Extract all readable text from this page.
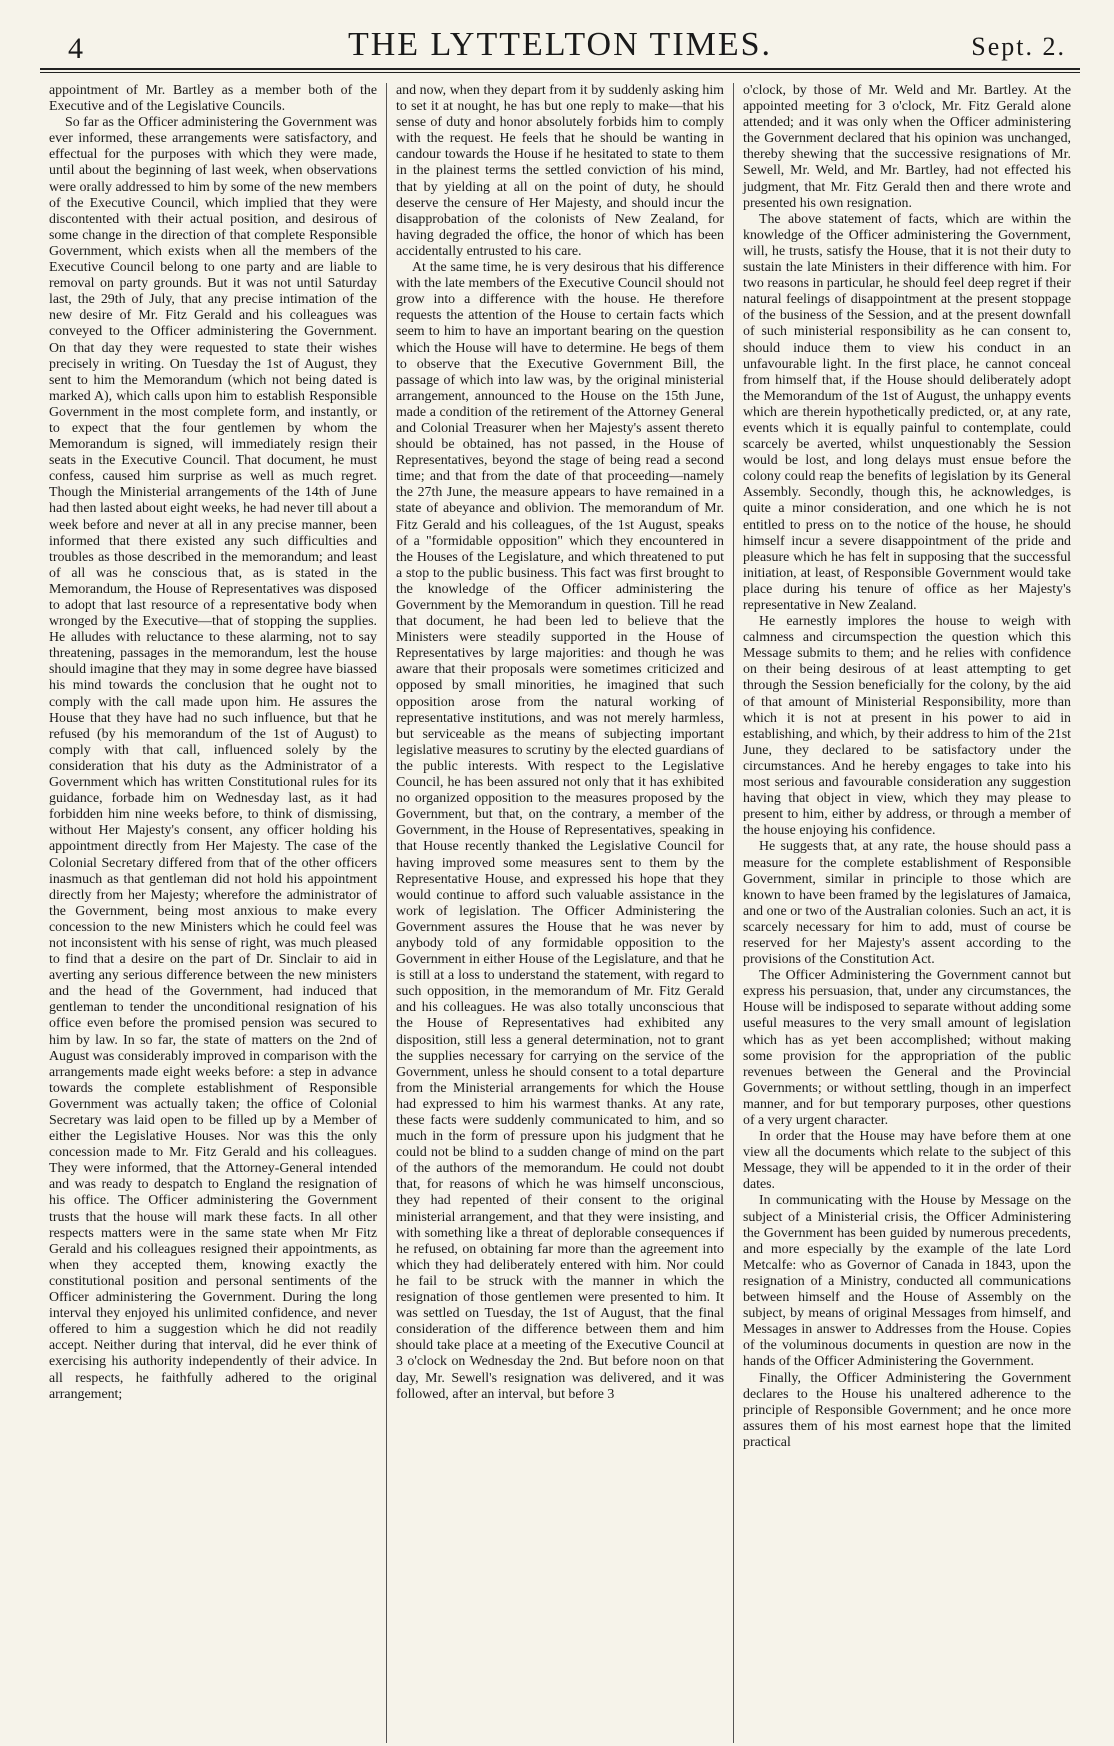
4	THE LYTTELTON TIMES.	Sept. 2.

appointment of Mr. Bartley as a member both of the Executive and of the Legislative Councils.

So far as the Officer administering the Government was ever informed, these arrangements were satisfactory, and effectual for the purposes with which they were made, until about the beginning of last week, when observations were orally addressed to him by some of the new members of the Executive Council, which implied that they were discontented with their actual position, and desirous of some change in the direction of that complete Responsible Government, which exists when all the members of the Executive Council belong to one party and are liable to removal on party grounds. But it was not until Saturday last, the 29th of July, that any precise intimation of the new desire of Mr. Fitz Gerald and his colleagues was conveyed to the Officer administering the Government. On that day they were requested to state their wishes precisely in writing. On Tuesday the 1st of August, they sent to him the Memorandum (which not being dated is marked A), which calls upon him to establish Responsible Government in the most complete form, and instantly, or to expect that the four gentlemen by whom the Memorandum is signed, will immediately resign their seats in the Executive Council. That document, he must confess, caused him surprise as well as much regret. Though the Ministerial arrangements of the 14th of June had then lasted about eight weeks, he had never till about a week before and never at all in any precise manner, been informed that there existed any such difficulties and troubles as those described in the memorandum; and least of all was he conscious that, as is stated in the Memorandum, the House of Representatives was disposed to adopt that last resource of a representative body when wronged by the Executive—that of stopping the supplies. He alludes with reluctance to these alarming, not to say threatening, passages in the memorandum, lest the house should imagine that they may in some degree have biassed his mind towards the conclusion that he ought not to comply with the call made upon him. He assures the House that they have had no such influence, but that he refused (by his memorandum of the 1st of August) to comply with that call, influenced solely by the consideration that his duty as the Administrator of a Government which has written Constitutional rules for its guidance, forbade him on Wednesday last, as it had forbidden him nine weeks before, to think of dismissing, without Her Majesty's consent, any officer holding his appointment directly from Her Majesty. The case of the Colonial Secretary differed from that of the other officers inasmuch as that gentleman did not hold his appointment directly from her Majesty; wherefore the administrator of the Government, being most anxious to make every concession to the new Ministers which he could feel was not inconsistent with his sense of right, was much pleased to find that a desire on the part of Dr. Sinclair to aid in averting any serious difference between the new ministers and the head of the Government, had induced that gentleman to tender the unconditional resignation of his office even before the promised pension was secured to him by law. In so far, the state of matters on the 2nd of August was considerably improved in comparison with the arrangements made eight weeks before: a step in advance towards the complete establishment of Responsible Government was actually taken; the office of Colonial Secretary was laid open to be filled up by a Member of either the Legislative Houses. Nor was this the only concession made to Mr. Fitz Gerald and his colleagues. They were informed, that the Attorney-General intended and was ready to despatch to England the resignation of his office. The Officer administering the Government trusts that the house will mark these facts. In all other respects matters were in the same state when Mr Fitz Gerald and his colleagues resigned their appointments, as when they accepted them, knowing exactly the constitutional position and personal sentiments of the Officer administering the Government. During the long interval they enjoyed his unlimited confidence, and never offered to him a suggestion which he did not readily accept. Neither during that interval, did he ever think of exercising his authority independently of their advice. In all respects, he faithfully adhered to the original arrangement;

and now, when they depart from it by suddenly asking him to set it at nought, he has but one reply to make—that his sense of duty and honor absolutely forbids him to comply with the request. He feels that he should be wanting in candour towards the House if he hesitated to state to them in the plainest terms the settled conviction of his mind, that by yielding at all on the point of duty, he should deserve the censure of Her Majesty, and should incur the disapprobation of the colonists of New Zealand, for having degraded the office, the honor of which has been accidentally entrusted to his care.

At the same time, he is very desirous that his difference with the late members of the Executive Council should not grow into a difference with the house. He therefore requests the attention of the House to certain facts which seem to him to have an important bearing on the question which the House will have to determine. He begs of them to observe that the Executive Government Bill, the passage of which into law was, by the original ministerial arrangement, announced to the House on the 15th June, made a condition of the retirement of the Attorney General and Colonial Treasurer when her Majesty's assent thereto should be obtained, has not passed, in the House of Representatives, beyond the stage of being read a second time; and that from the date of that proceeding—namely the 27th June, the measure appears to have remained in a state of abeyance and oblivion. The memorandum of Mr. Fitz Gerald and his colleagues, of the 1st August, speaks of a "formidable opposition" which they encountered in the Houses of the Legislature, and which threatened to put a stop to the public business. This fact was first brought to the knowledge of the Officer administering the Government by the Memorandum in question. Till he read that document, he had been led to believe that the Ministers were steadily supported in the House of Representatives by large majorities: and though he was aware that their proposals were sometimes criticized and opposed by small minorities, he imagined that such opposition arose from the natural working of representative institutions, and was not merely harmless, but serviceable as the means of subjecting important legislative measures to scrutiny by the elected guardians of the public interests. With respect to the Legislative Council, he has been assured not only that it has exhibited no organized opposition to the measures proposed by the Government, but that, on the contrary, a member of the Government, in the House of Representatives, speaking in that House recently thanked the Legislative Council for having improved some measures sent to them by the Representative House, and expressed his hope that they would continue to afford such valuable assistance in the work of legislation. The Officer Administering the Government assures the House that he was never by anybody told of any formidable opposition to the Government in either House of the Legislature, and that he is still at a loss to understand the statement, with regard to such opposition, in the memorandum of Mr. Fitz Gerald and his colleagues. He was also totally unconscious that the House of Representatives had exhibited any disposition, still less a general determination, not to grant the supplies necessary for carrying on the service of the Government, unless he should consent to a total departure from the Ministerial arrangements for which the House had expressed to him his warmest thanks. At any rate, these facts were suddenly communicated to him, and so much in the form of pressure upon his judgment that he could not be blind to a sudden change of mind on the part of the authors of the memorandum. He could not doubt that, for reasons of which he was himself unconscious, they had repented of their consent to the original ministerial arrangement, and that they were insisting, and with something like a threat of deplorable consequences if he refused, on obtaining far more than the agreement into which they had deliberately entered with him. Nor could he fail to be struck with the manner in which the resignation of those gentlemen were presented to him. It was settled on Tuesday, the 1st of August, that the final consideration of the difference between them and him should take place at a meeting of the Executive Council at 3 o'clock on Wednesday the 2nd. But before noon on that day, Mr. Sewell's resignation was delivered, and it was followed, after an interval, but before 3

o'clock, by those of Mr. Weld and Mr. Bartley. At the appointed meeting for 3 o'clock, Mr. Fitz Gerald alone attended; and it was only when the Officer administering the Government declared that his opinion was unchanged, thereby shewing that the successive resignations of Mr. Sewell, Mr. Weld, and Mr. Bartley, had not effected his judgment, that Mr. Fitz Gerald then and there wrote and presented his own resignation.

The above statement of facts, which are within the knowledge of the Officer administering the Government, will, he trusts, satisfy the House, that it is not their duty to sustain the late Ministers in their difference with him. For two reasons in particular, he should feel deep regret if their natural feelings of disappointment at the present stoppage of the business of the Session, and at the present downfall of such ministerial responsibility as he can consent to, should induce them to view his conduct in an unfavourable light. In the first place, he cannot conceal from himself that, if the House should deliberately adopt the Memorandum of the 1st of August, the unhappy events which are therein hypothetically predicted, or, at any rate, events which it is equally painful to contemplate, could scarcely be averted, whilst unquestionably the Session would be lost, and long delays must ensue before the colony could reap the benefits of legislation by its General Assembly. Secondly, though this, he acknowledges, is quite a minor consideration, and one which he is not entitled to press on to the notice of the house, he should himself incur a severe disappointment of the pride and pleasure which he has felt in supposing that the successful initiation, at least, of Responsible Government would take place during his tenure of office as her Majesty's representative in New Zealand.

He earnestly implores the house to weigh with calmness and circumspection the question which this Message submits to them; and he relies with confidence on their being desirous of at least attempting to get through the Session beneficially for the colony, by the aid of that amount of Ministerial Responsibility, more than which it is not at present in his power to aid in establishing, and which, by their address to him of the 21st June, they declared to be satisfactory under the circumstances. And he hereby engages to take into his most serious and favourable consideration any suggestion having that object in view, which they may please to present to him, either by address, or through a member of the house enjoying his confidence.

He suggests that, at any rate, the house should pass a measure for the complete establishment of Responsible Government, similar in principle to those which are known to have been framed by the legislatures of Jamaica, and one or two of the Australian colonies. Such an act, it is scarcely necessary for him to add, must of course be reserved for her Majesty's assent according to the provisions of the Constitution Act.

The Officer Administering the Government cannot but express his persuasion, that, under any circumstances, the House will be indisposed to separate without adding some useful measures to the very small amount of legislation which has as yet been accomplished; without making some provision for the appropriation of the public revenues between the General and the Provincial Governments; or without settling, though in an imperfect manner, and for but temporary purposes, other questions of a very urgent character.

In order that the House may have before them at one view all the documents which relate to the subject of this Message, they will be appended to it in the order of their dates.

In communicating with the House by Message on the subject of a Ministerial crisis, the Officer Administering the Government has been guided by numerous precedents, and more especially by the example of the late Lord Metcalfe: who as Governor of Canada in 1843, upon the resignation of a Ministry, conducted all communications between himself and the House of Assembly on the subject, by means of original Messages from himself, and Messages in answer to Addresses from the House. Copies of the voluminous documents in question are now in the hands of the Officer Administering the Government.

Finally, the Officer Administering the Government declares to the House his unaltered adherence to the principle of Responsible Government; and he once more assures them of his most earnest hope that the limited practical
